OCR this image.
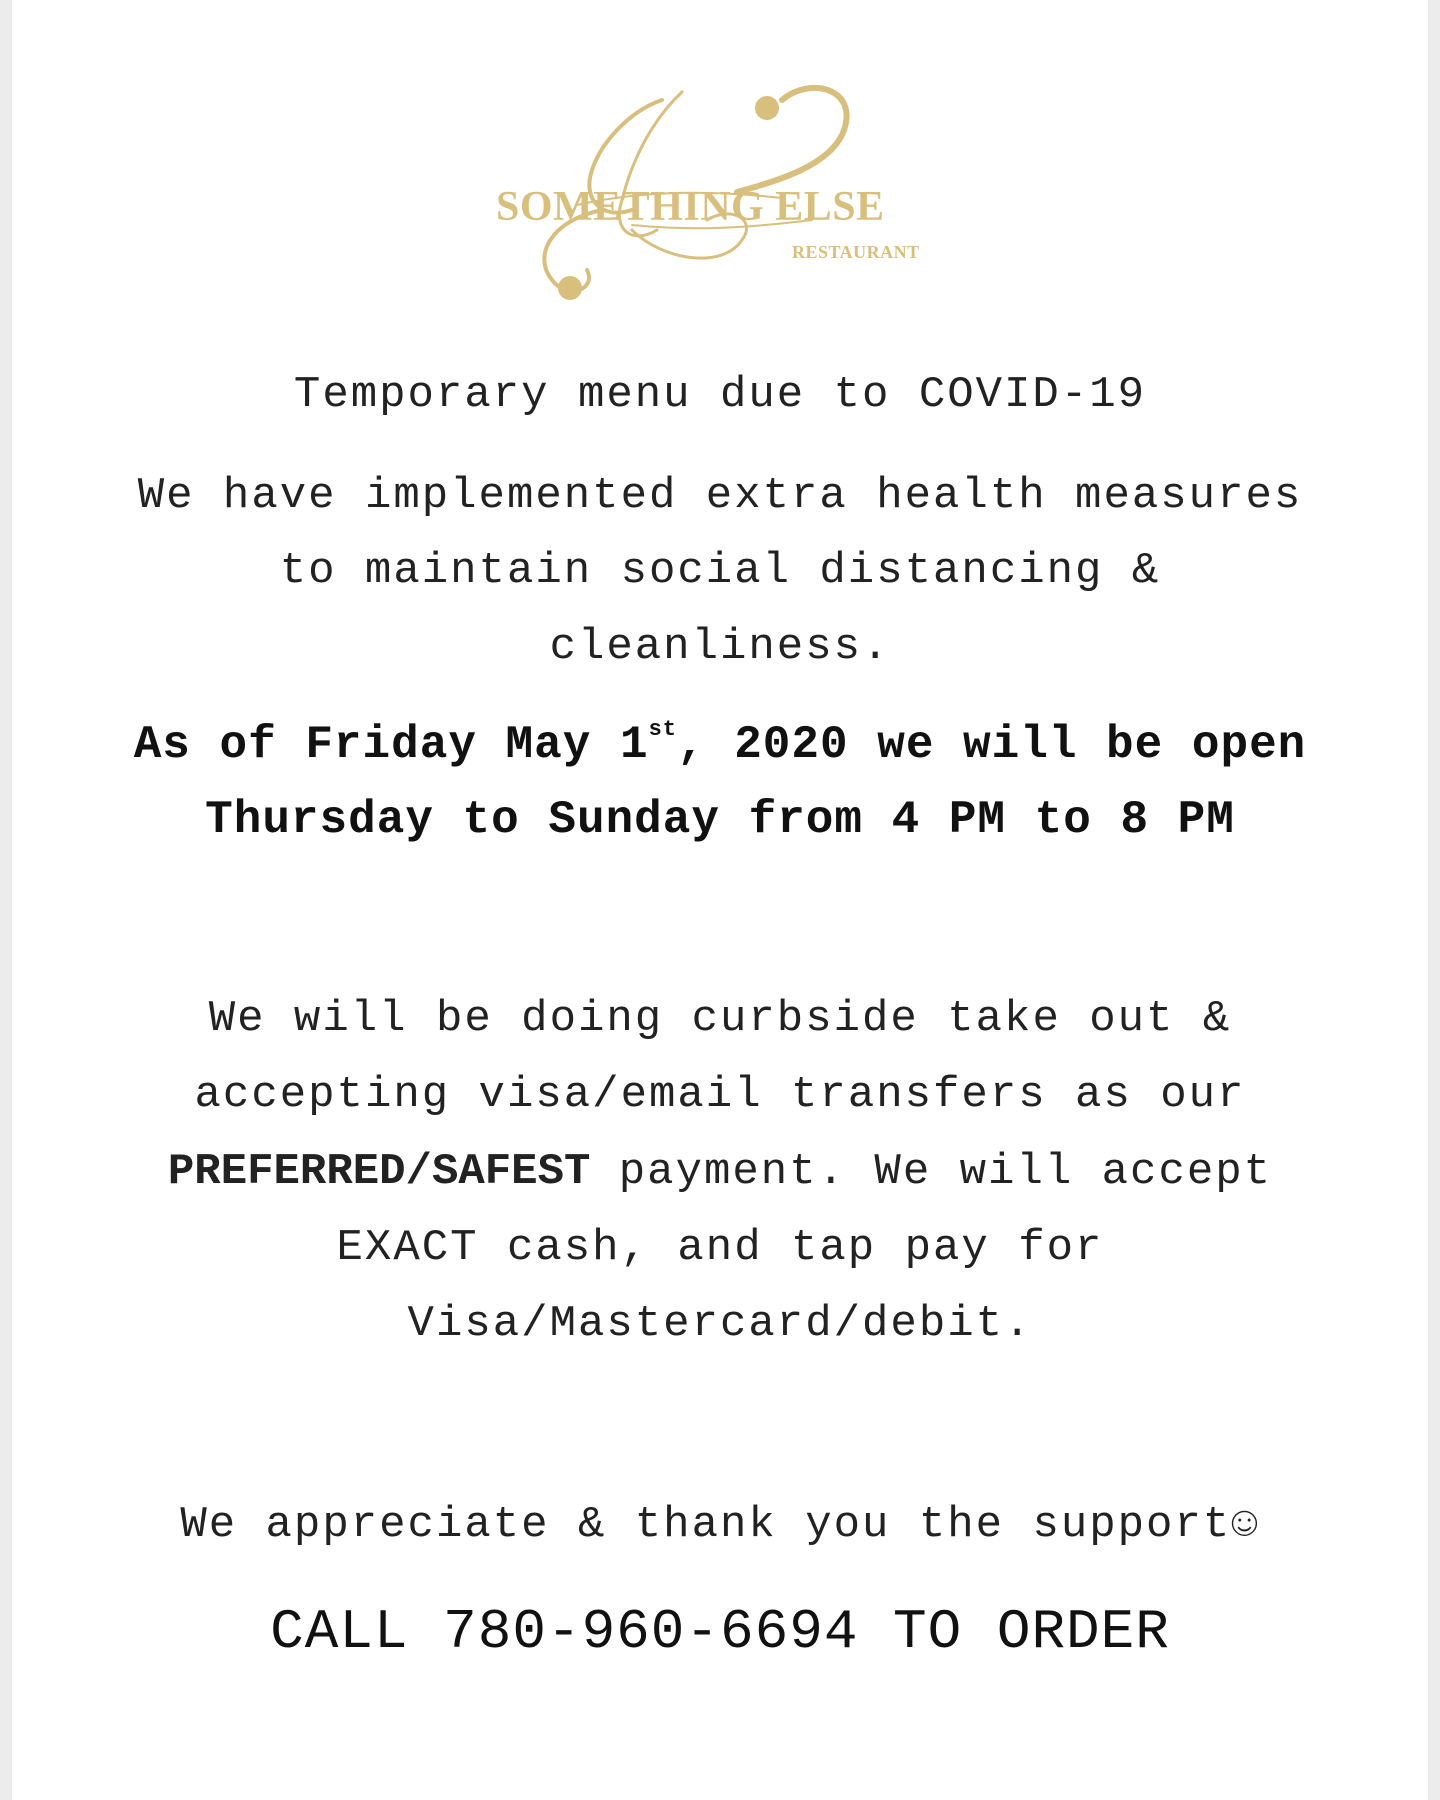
SOMETHING ELSE
RESTAURANT
Temporary menu due to COVID-19
We have implemented extra health measures
to maintain social distancing &
cleanliness.
As of Friday May 1st, 2020 we will be open
Thursday to Sunday from 4 PM to 8 PM
We will be doing curbside take out &
accepting visa/email transfers as our
PREFERRED/SAFEST payment. We will accept
EXACT cash, and tap pay for
Visa/Mastercard/debit.
We appreciate & thank you the support☺
CALL 780-960-6694 TO ORDER
